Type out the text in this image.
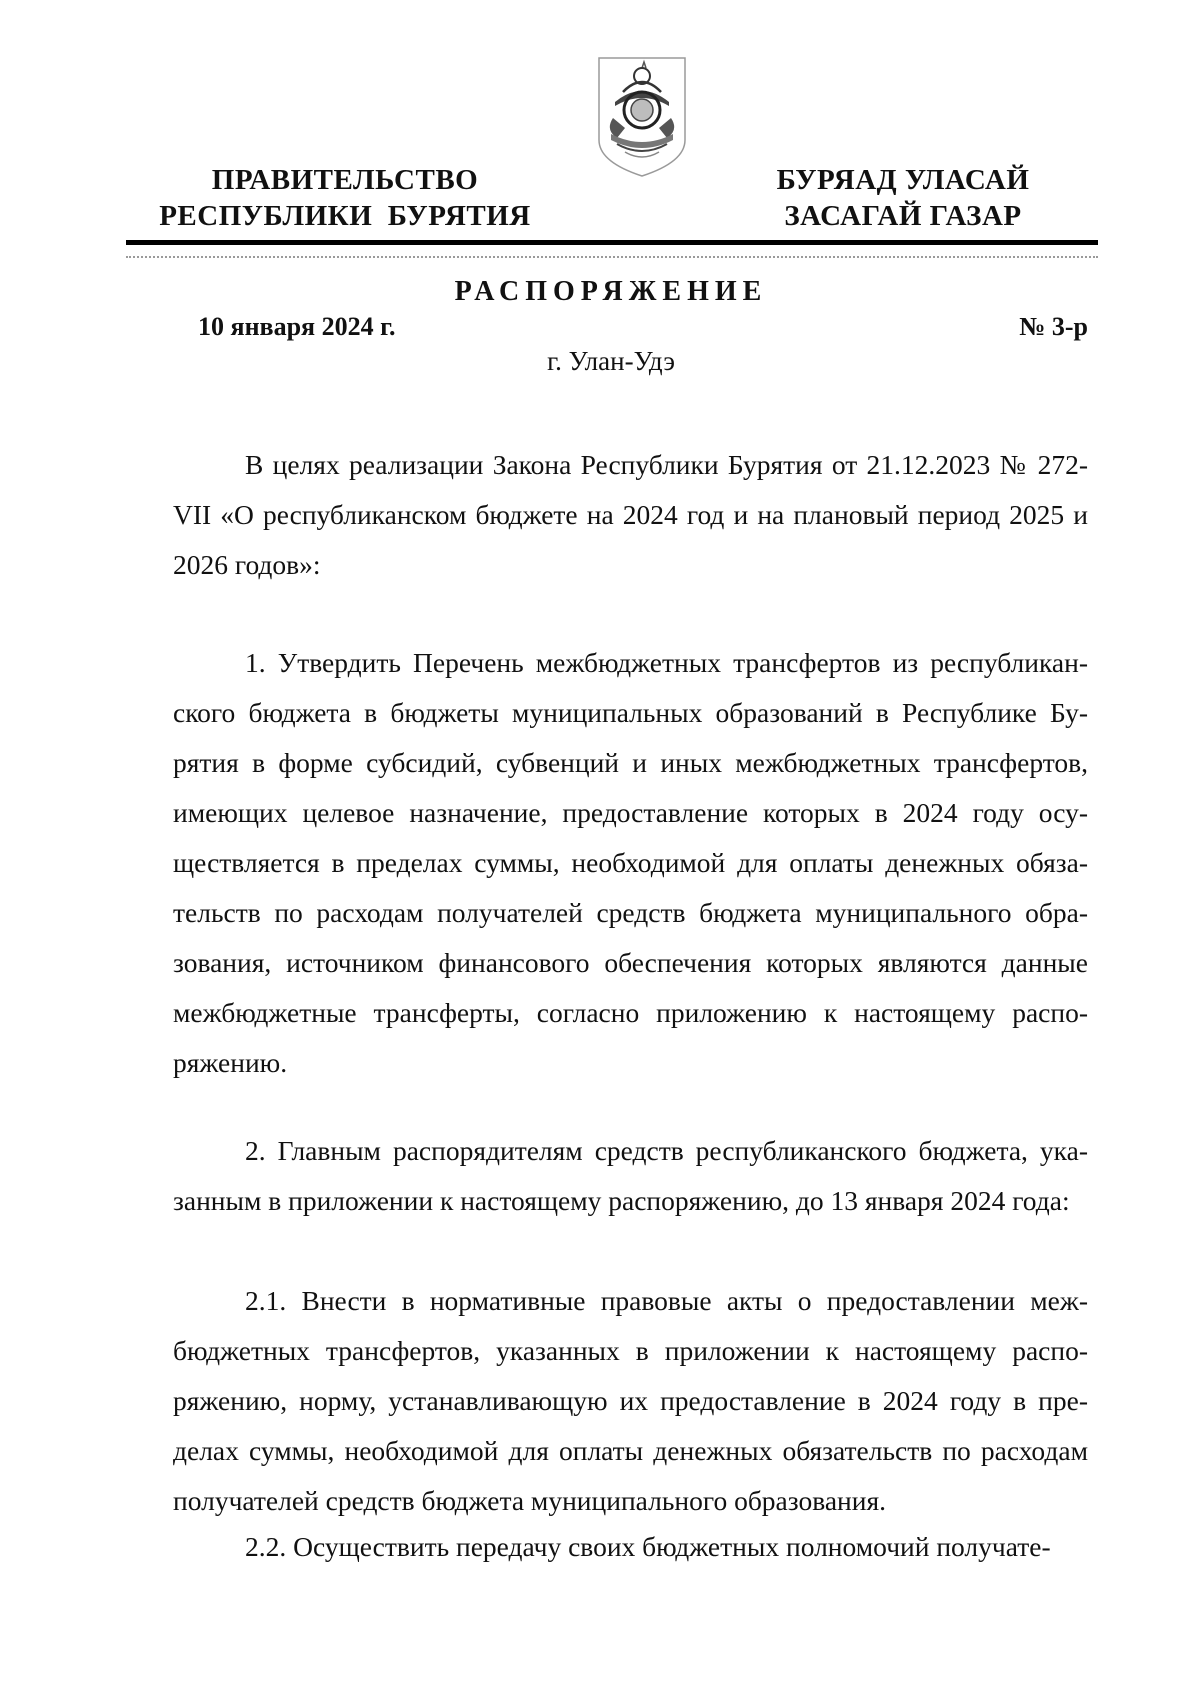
ПРАВИТЕЛЬСТВО
РЕСПУБЛИКИ  БУРЯТИЯ
БУРЯАД УЛАСАЙ
ЗАСАГАЙ ГАЗАР
РАСПОРЯЖЕНИЕ
10 января 2024 г.	№ 3-р
г. Улан-Удэ

В целях реализации Закона Республики Бурятия от 21.12.2023 № 272-VII «О республиканском бюджете на 2024 год и на плановый период 2025 и 2026 годов»:

1. Утвердить Перечень межбюджетных трансфертов из республиканского бюджета в бюджеты муниципальных образований в Республике Бурятия в форме субсидий, субвенций и иных межбюджетных трансфертов, имеющих целевое назначение, предоставление которых в 2024 году осуществляется в пределах суммы, необходимой для оплаты денежных обязательств по расходам получателей средств бюджета муниципального образования, источником финансового обеспечения которых являются данные межбюджетные трансферты, согласно приложению к настоящему распоряжению.

2. Главным распорядителям средств республиканского бюджета, указанным в приложении к настоящему распоряжению, до 13 января 2024 года:

2.1. Внести в нормативные правовые акты о предоставлении межбюджетных трансфертов, указанных в приложении к настоящему распоряжению, норму, устанавливающую их предоставление в 2024 году в пределах суммы, необходимой для оплаты денежных обязательств по расходам получателей средств бюджета муниципального образования.

2.2. Осуществить передачу своих бюджетных полномочий получате-
